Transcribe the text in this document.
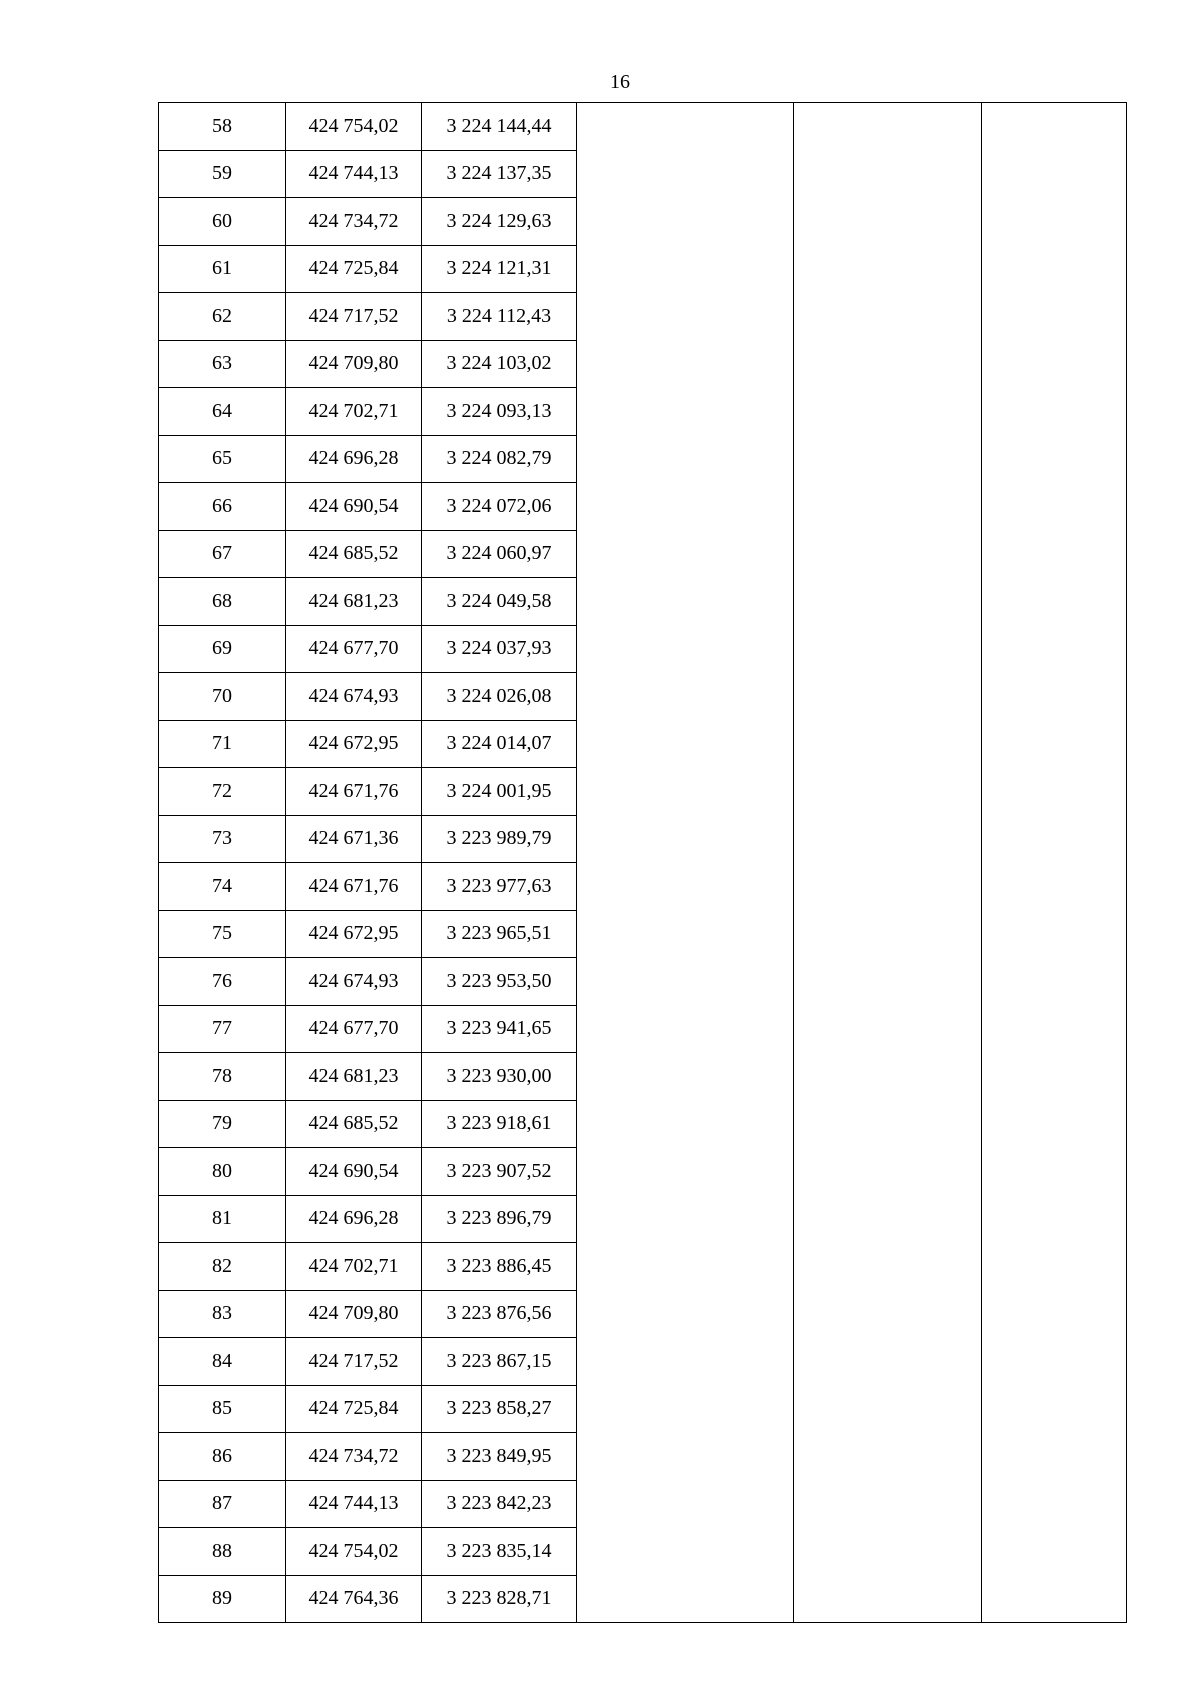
16
58	424 754,02	3 224 144,44			
59	424 744,13	3 224 137,35			
60	424 734,72	3 224 129,63			
61	424 725,84	3 224 121,31			
62	424 717,52	3 224 112,43			
63	424 709,80	3 224 103,02			
64	424 702,71	3 224 093,13			
65	424 696,28	3 224 082,79			
66	424 690,54	3 224 072,06			
67	424 685,52	3 224 060,97			
68	424 681,23	3 224 049,58			
69	424 677,70	3 224 037,93			
70	424 674,93	3 224 026,08			
71	424 672,95	3 224 014,07			
72	424 671,76	3 224 001,95			
73	424 671,36	3 223 989,79			
74	424 671,76	3 223 977,63			
75	424 672,95	3 223 965,51			
76	424 674,93	3 223 953,50			
77	424 677,70	3 223 941,65			
78	424 681,23	3 223 930,00			
79	424 685,52	3 223 918,61			
80	424 690,54	3 223 907,52			
81	424 696,28	3 223 896,79			
82	424 702,71	3 223 886,45			
83	424 709,80	3 223 876,56			
84	424 717,52	3 223 867,15			
85	424 725,84	3 223 858,27			
86	424 734,72	3 223 849,95			
87	424 744,13	3 223 842,23			
88	424 754,02	3 223 835,14			
89	424 764,36	3 223 828,71			
